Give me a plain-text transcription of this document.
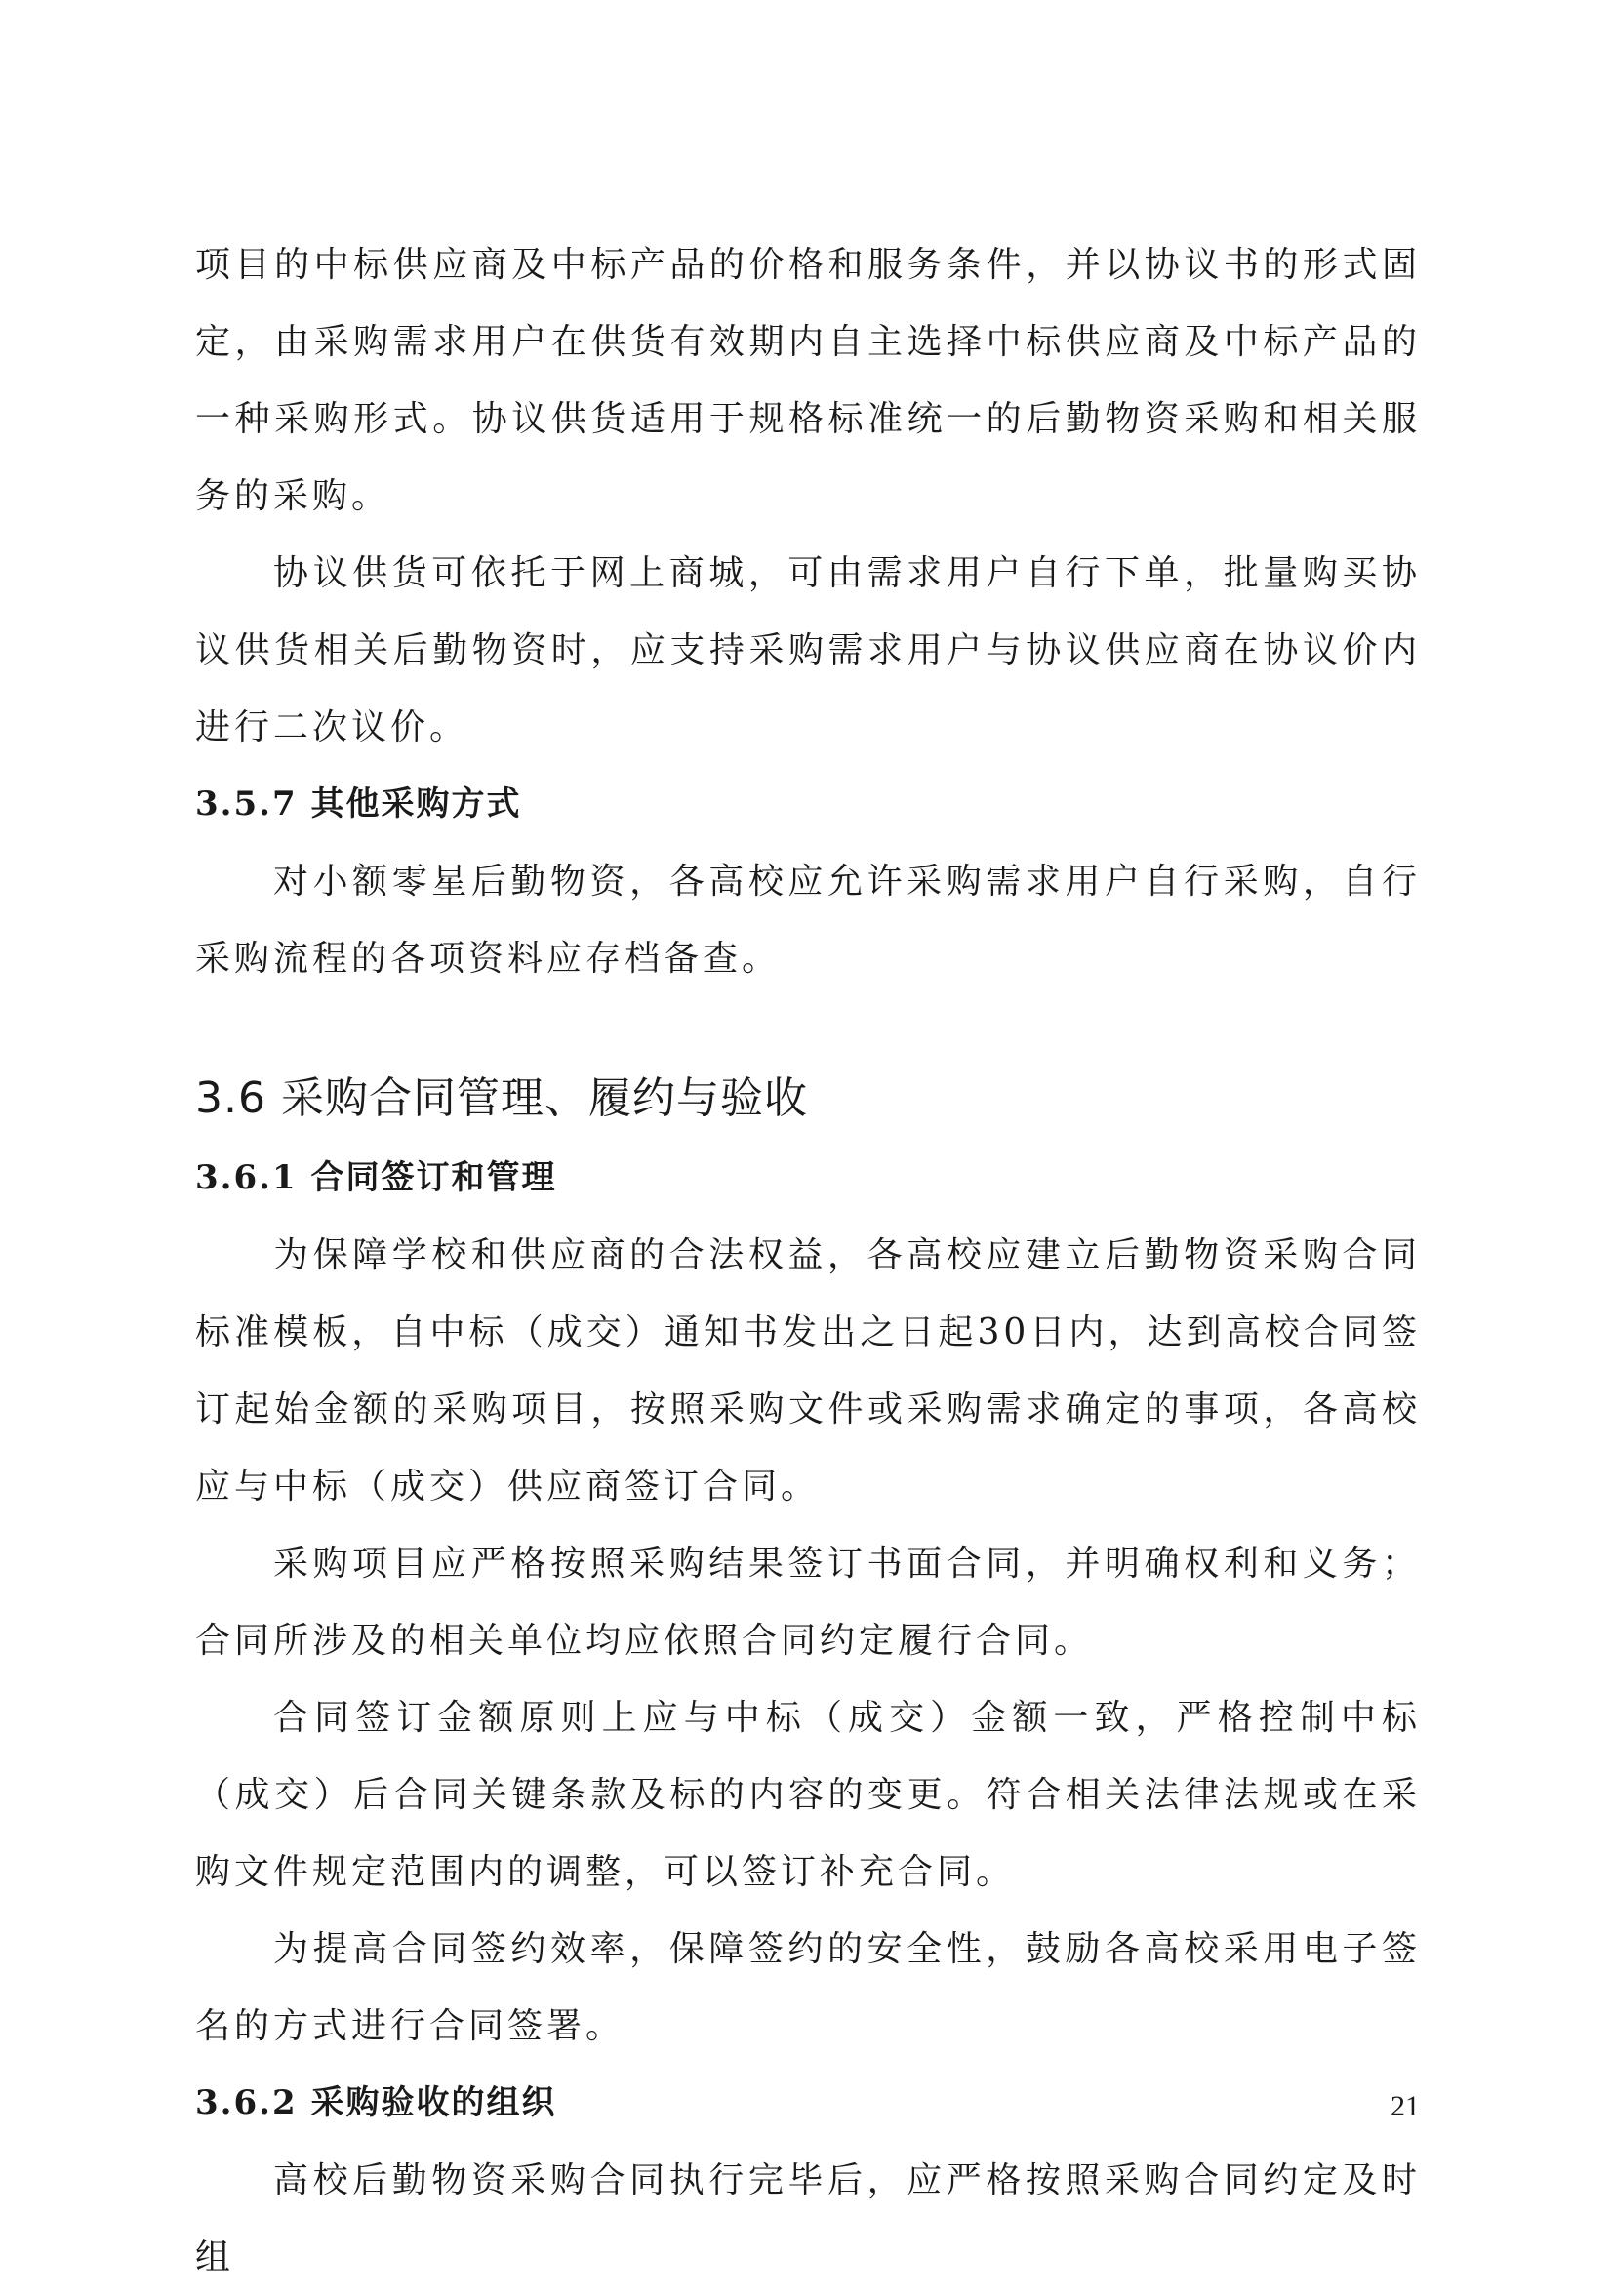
项目的中标供应商及中标产品的价格和服务条件，并以协议书的形式固定，由采购需求用户在供货有效期内自主选择中标供应商及中标产品的一种采购形式。协议供货适用于规格标准统一的后勤物资采购和相关服务的采购。

协议供货可依托于网上商城，可由需求用户自行下单，批量购买协议供货相关后勤物资时，应支持采购需求用户与协议供应商在协议价内进行二次议价。

3.5.7 其他采购方式

对小额零星后勤物资，各高校应允许采购需求用户自行采购，自行采购流程的各项资料应存档备查。

3.6 采购合同管理、履约与验收
3.6.1 合同签订和管理

为保障学校和供应商的合法权益，各高校应建立后勤物资采购合同标准模板，自中标（成交）通知书发出之日起30日内，达到高校合同签订起始金额的采购项目，按照采购文件或采购需求确定的事项，各高校应与中标（成交）供应商签订合同。

采购项目应严格按照采购结果签订书面合同，并明确权利和义务；合同所涉及的相关单位均应依照合同约定履行合同。

合同签订金额原则上应与中标（成交）金额一致，严格控制中标（成交）后合同关键条款及标的内容的变更。符合相关法律法规或在采购文件规定范围内的调整，可以签订补充合同。

为提高合同签约效率，保障签约的安全性，鼓励各高校采用电子签名的方式进行合同签署。

3.6.2 采购验收的组织

高校后勤物资采购合同执行完毕后，应严格按照采购合同约定及时组

21
